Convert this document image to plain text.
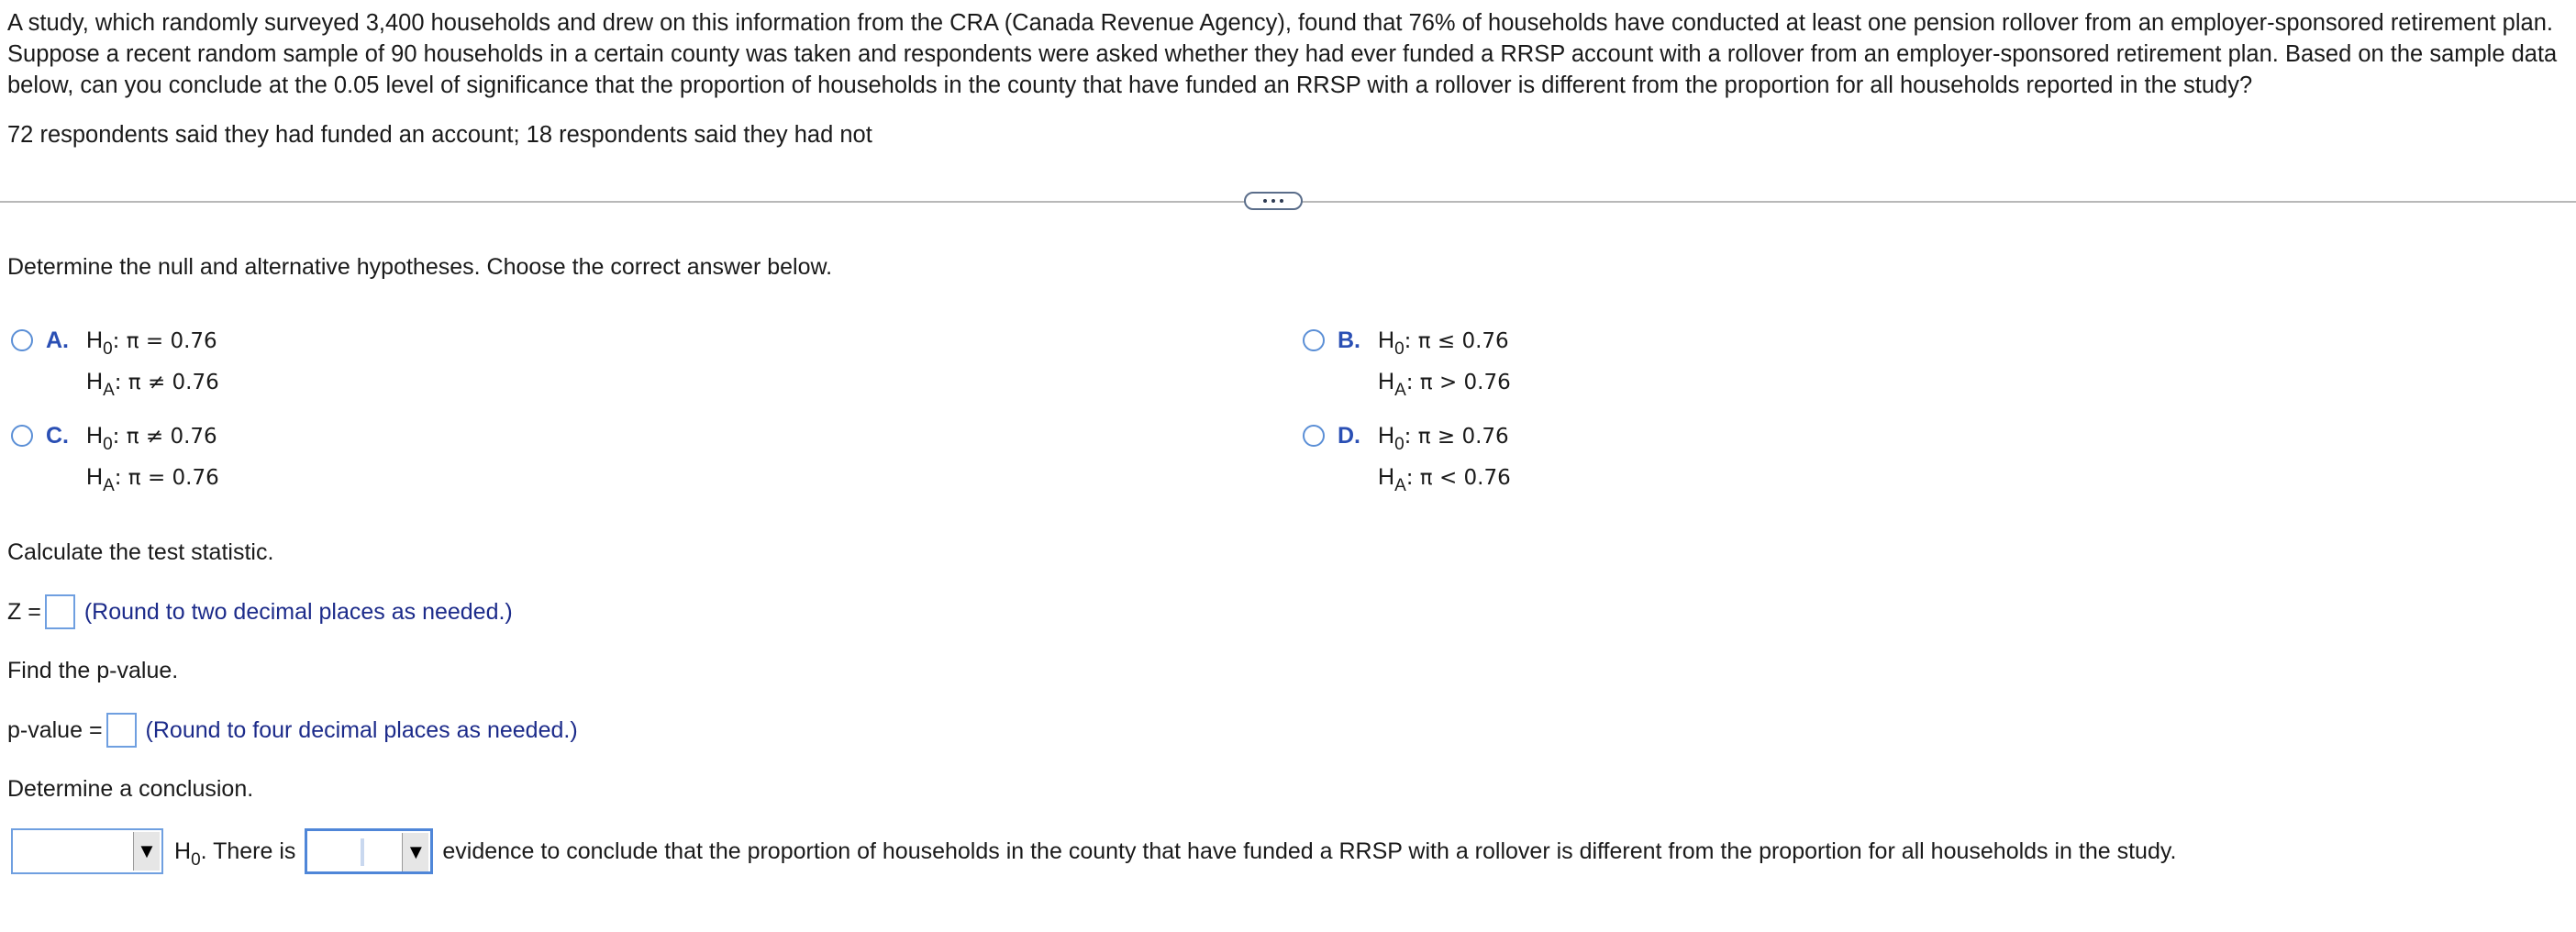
A study, which randomly surveyed 3,400 households and drew on this information from the CRA (Canada Revenue Agency), found that 76% of households have conducted at least one pension rollover from an employer-sponsored retirement plan. Suppose a recent random sample of 90 households in a certain county was taken and respondents were asked whether they had ever funded a RRSP account with a rollover from an employer-sponsored retirement plan. Based on the sample data below, can you conclude at the 0.05 level of significance that the proportion of households in the county that have funded an RRSP with a rollover is different from the proportion for all households reported in the study?
72 respondents said they had funded an account; 18 respondents said they had not
Determine the null and alternative hypotheses. Choose the correct answer below.
A. $H_0$: π = 0.76
$H_A$: π ≠ 0.76
B. $H_0$: π ≤ 0.76
$H_A$: π > 0.76
C. $H_0$: π ≠ 0.76
$H_A$: π = 0.76
D. $H_0$: π ≥ 0.76
$H_A$: π < 0.76
Calculate the test statistic.
Z = (Round to two decimal places as needed.)
Find the p-value.
p-value = (Round to four decimal places as needed.)
Determine a conclusion.
▼ $H_0$ . There is	▼ evidence to conclude that the proportion of households in the county that have funded a RRSP with a rollover is different from the proportion for all households in the study.
